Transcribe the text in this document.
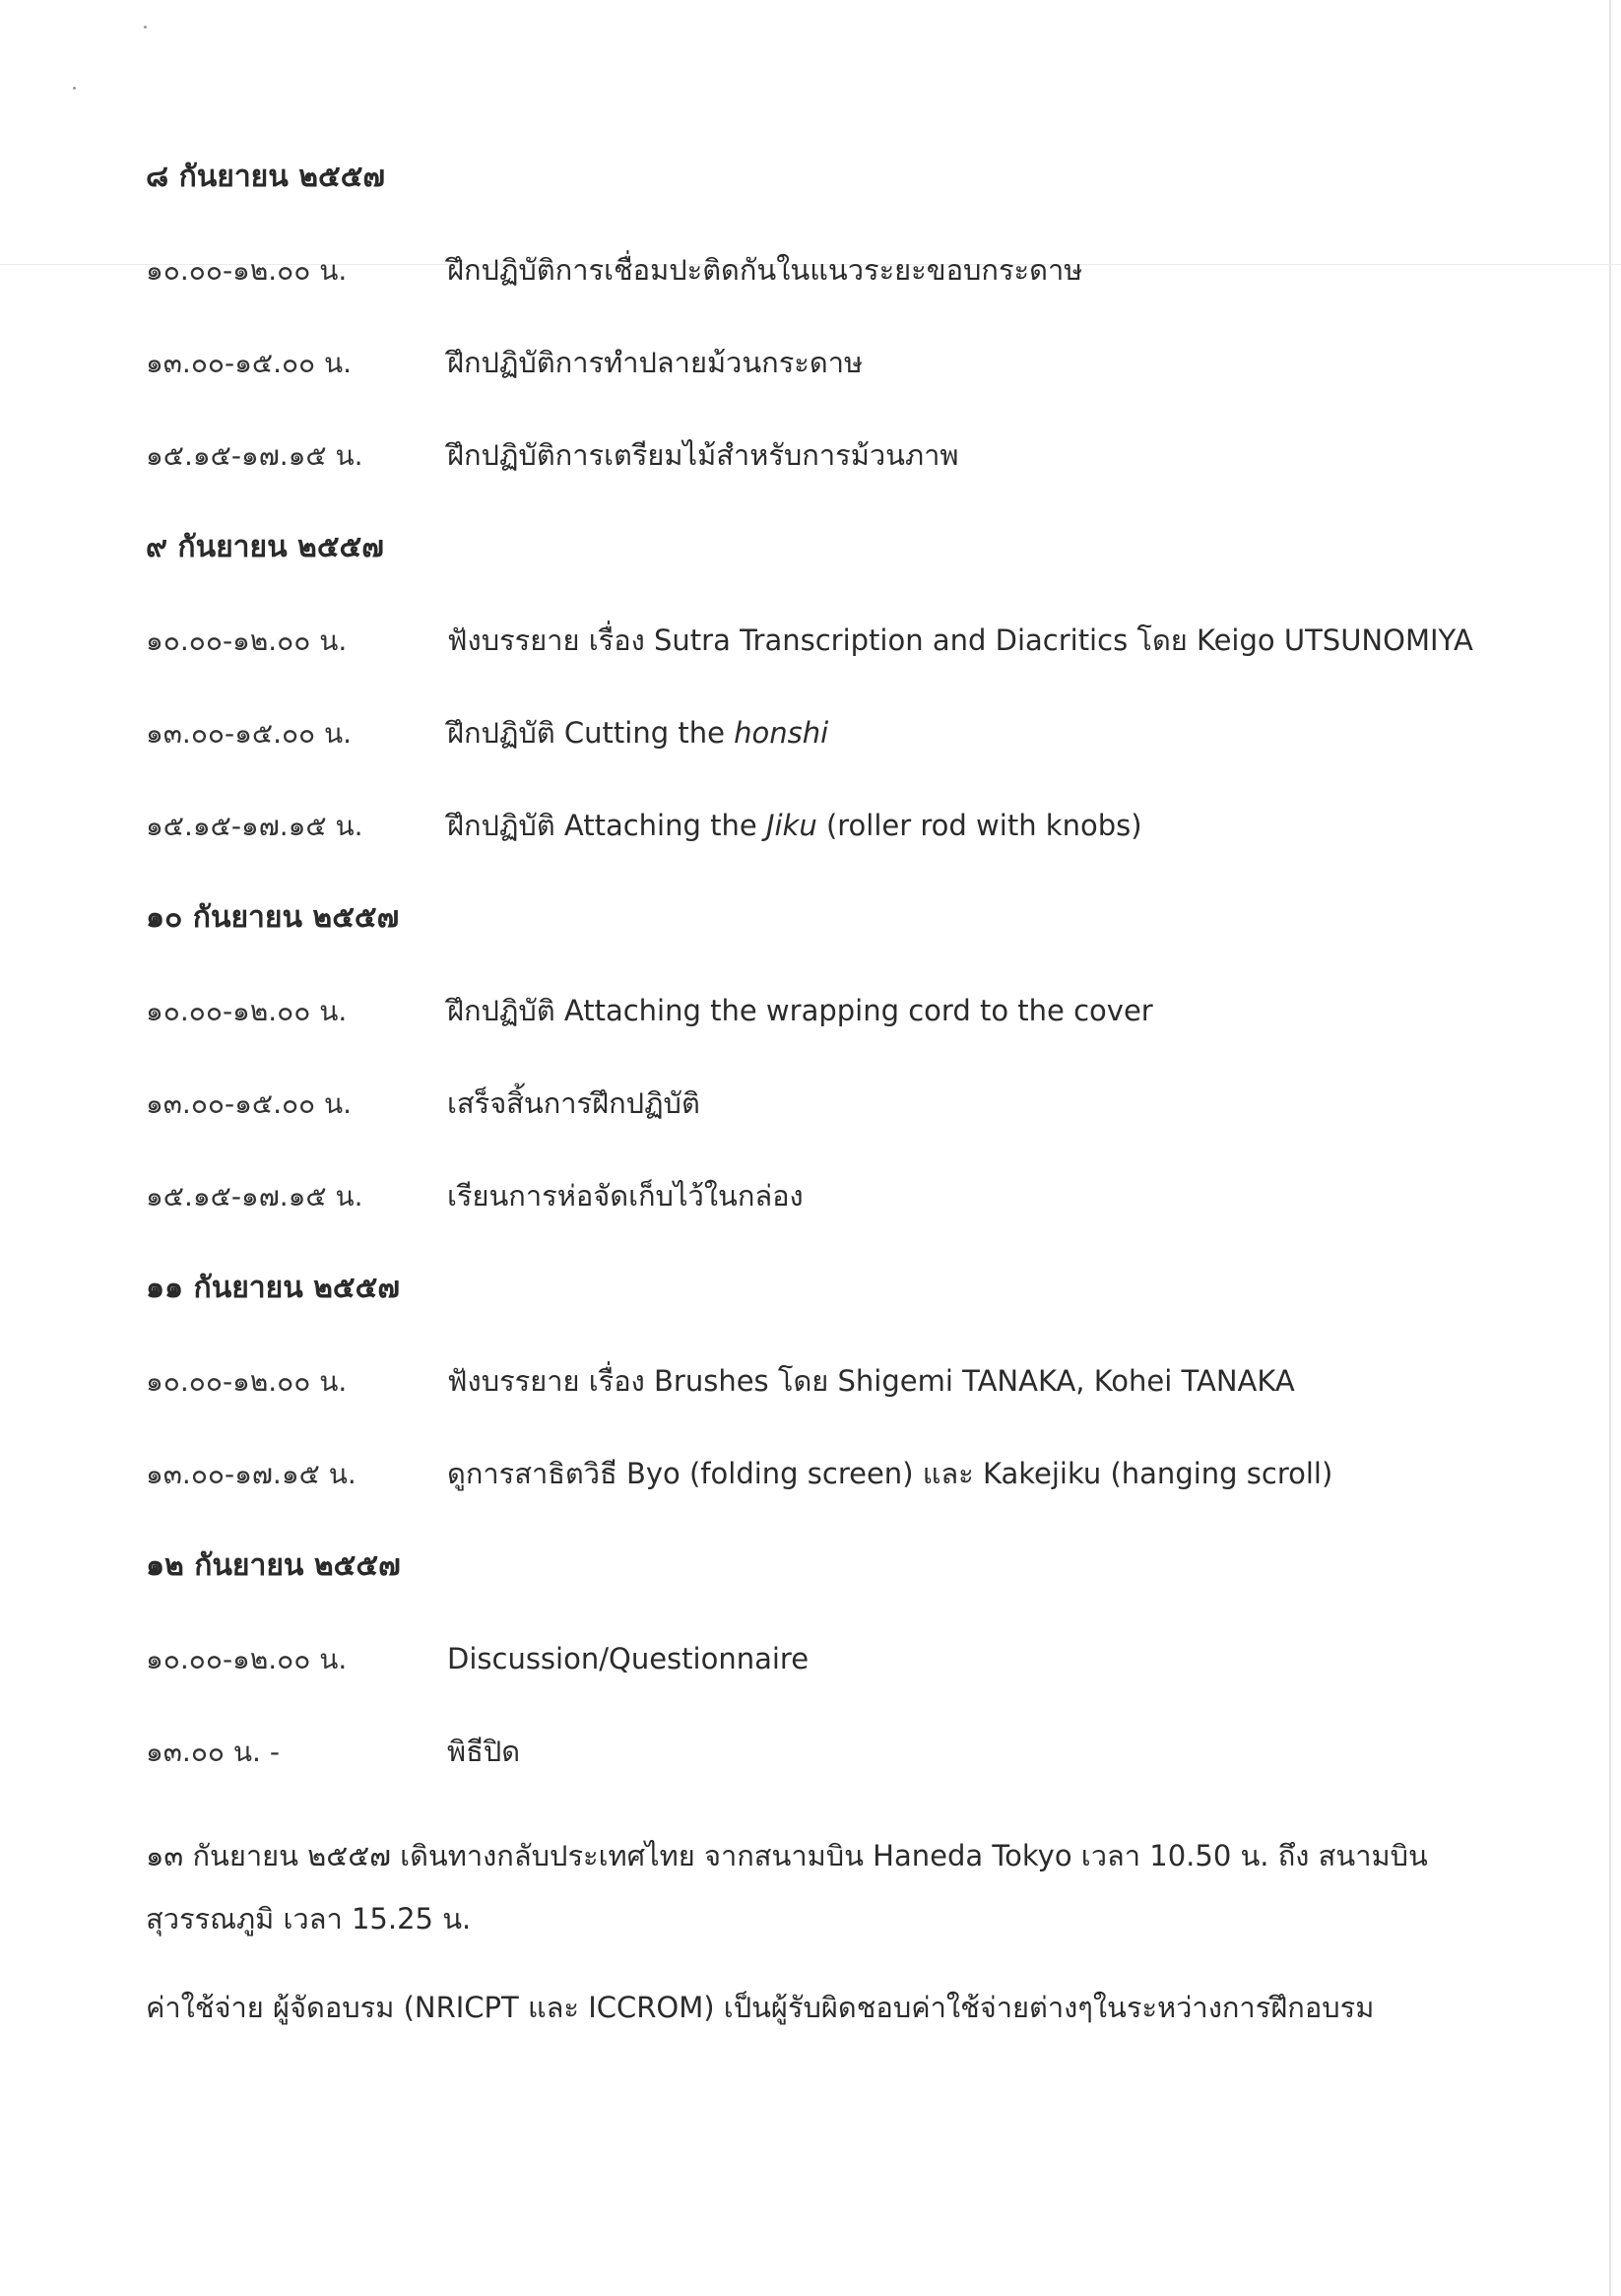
๘ กันยายน ๒๕๕๗
๑๐.๐๐-๑๒.๐๐ น.	ฝึกปฏิบัติการเชื่อมปะติดกันในแนวระยะขอบกระดาษ
๑๓.๐๐-๑๕.๐๐ น.	ฝึกปฏิบัติการทำปลายม้วนกระดาษ
๑๕.๑๕-๑๗.๑๕ น.	ฝึกปฏิบัติการเตรียมไม้สำหรับการม้วนภาพ
๙ กันยายน ๒๕๕๗
๑๐.๐๐-๑๒.๐๐ น.	ฟังบรรยาย เรื่อง Sutra Transcription and Diacritics โดย Keigo UTSUNOMIYA
๑๓.๐๐-๑๕.๐๐ น.	ฝึกปฏิบัติ Cutting the honshi
๑๕.๑๕-๑๗.๑๕ น.	ฝึกปฏิบัติ Attaching the Jiku (roller rod with knobs)
๑๐ กันยายน ๒๕๕๗
๑๐.๐๐-๑๒.๐๐ น.	ฝึกปฏิบัติ Attaching the wrapping cord to the cover
๑๓.๐๐-๑๕.๐๐ น.	เสร็จสิ้นการฝึกปฏิบัติ
๑๕.๑๕-๑๗.๑๕ น.	เรียนการห่อจัดเก็บไว้ในกล่อง
๑๑ กันยายน ๒๕๕๗
๑๐.๐๐-๑๒.๐๐ น.	ฟังบรรยาย เรื่อง Brushes โดย Shigemi TANAKA, Kohei TANAKA
๑๓.๐๐-๑๗.๑๕ น.	ดูการสาธิตวิธี Byo (folding screen) และ Kakejiku (hanging scroll)
๑๒ กันยายน ๒๕๕๗
๑๐.๐๐-๑๒.๐๐ น.	Discussion/Questionnaire
๑๓.๐๐ น. -	พิธีปิด

๑๓ กันยายน ๒๕๕๗ เดินทางกลับประเทศไทย จากสนามบิน Haneda Tokyo เวลา 10.50 น. ถึง สนามบินสุวรรณภูมิ เวลา 15.25 น.

ค่าใช้จ่าย ผู้จัดอบรม (NRICPT และ ICCROM) เป็นผู้รับผิดชอบค่าใช้จ่ายต่างๆในระหว่างการฝึกอบรม
